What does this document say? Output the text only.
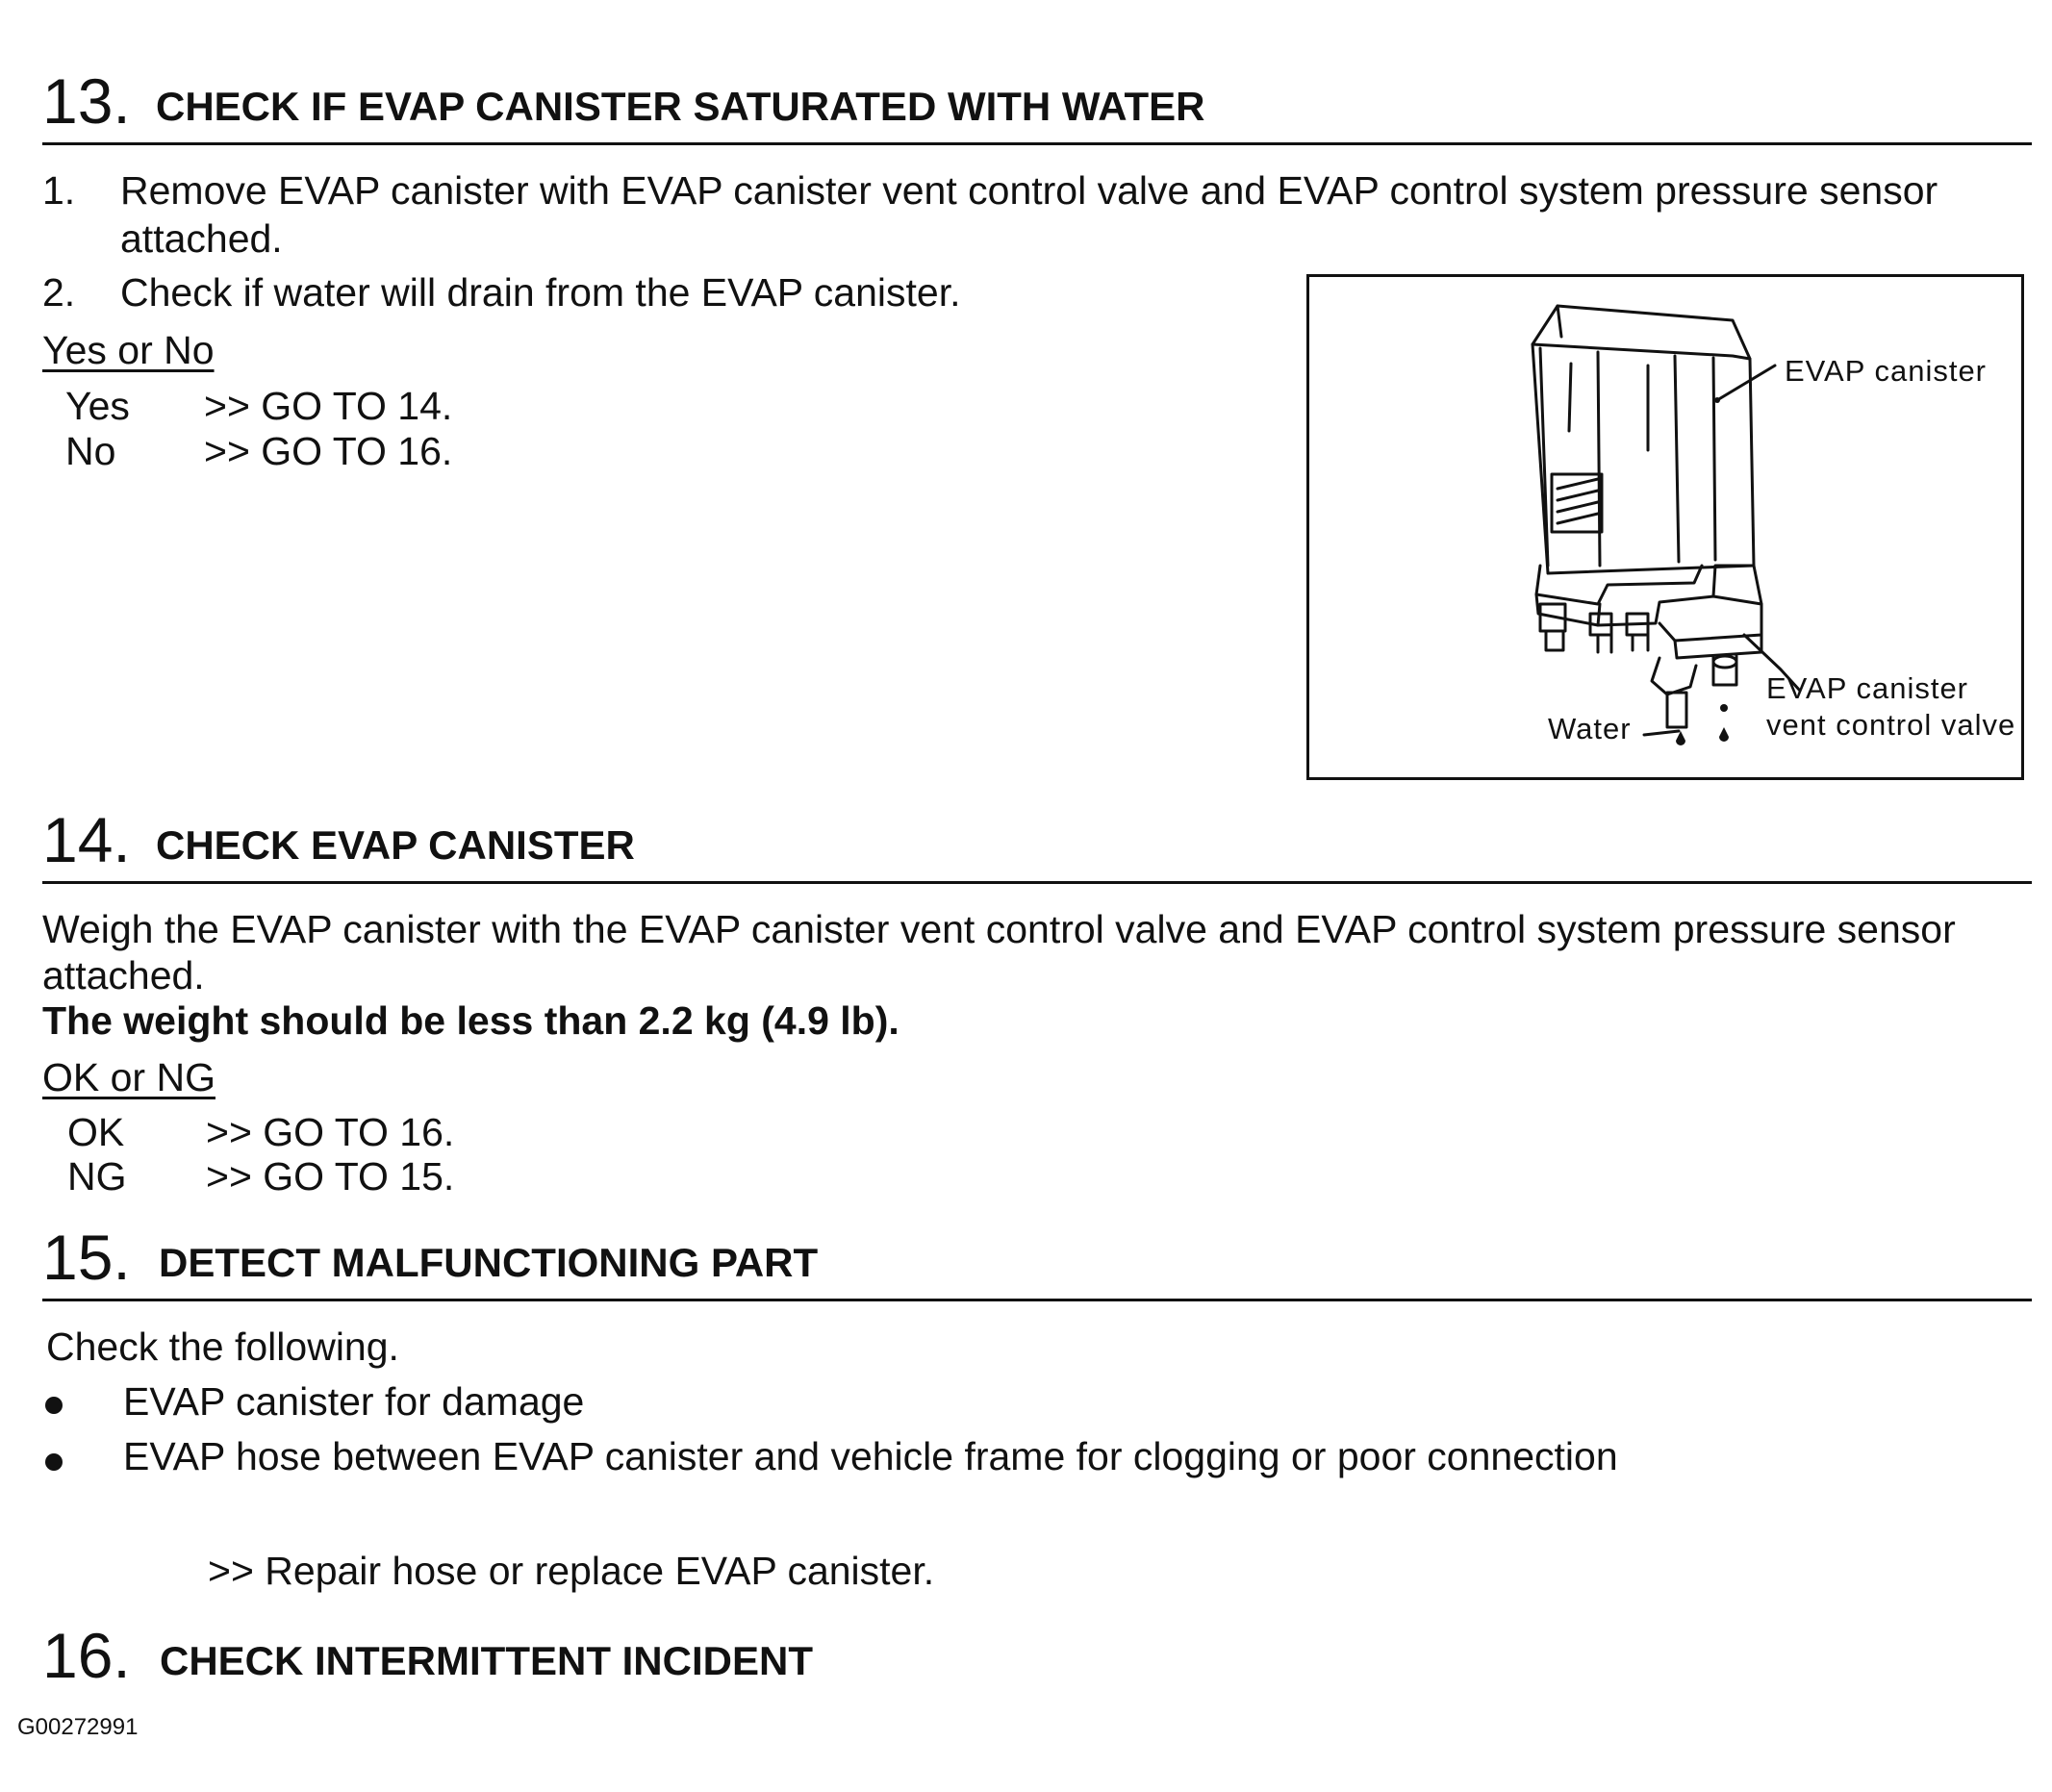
13. CHECK IF EVAP CANISTER SATURATED WITH WATER
1. Remove EVAP canister with EVAP canister vent control valve and EVAP control system pressure sensor
attached.
2. Check if water will drain from the EVAP canister.
Yes or No
Yes >> GO TO 14.
No >> GO TO 16.
EVAP canister
EVAP canister
vent control valve
Water
14. CHECK EVAP CANISTER
Weigh the EVAP canister with the EVAP canister vent control valve and EVAP control system pressure sensor
attached.
The weight should be less than 2.2 kg (4.9 lb).
OK or NG
OK >> GO TO 16.
NG >> GO TO 15.
15. DETECT MALFUNCTIONING PART
Check the following.
EVAP canister for damage
EVAP hose between EVAP canister and vehicle frame for clogging or poor connection
>> Repair hose or replace EVAP canister.
16. CHECK INTERMITTENT INCIDENT
G00272991
